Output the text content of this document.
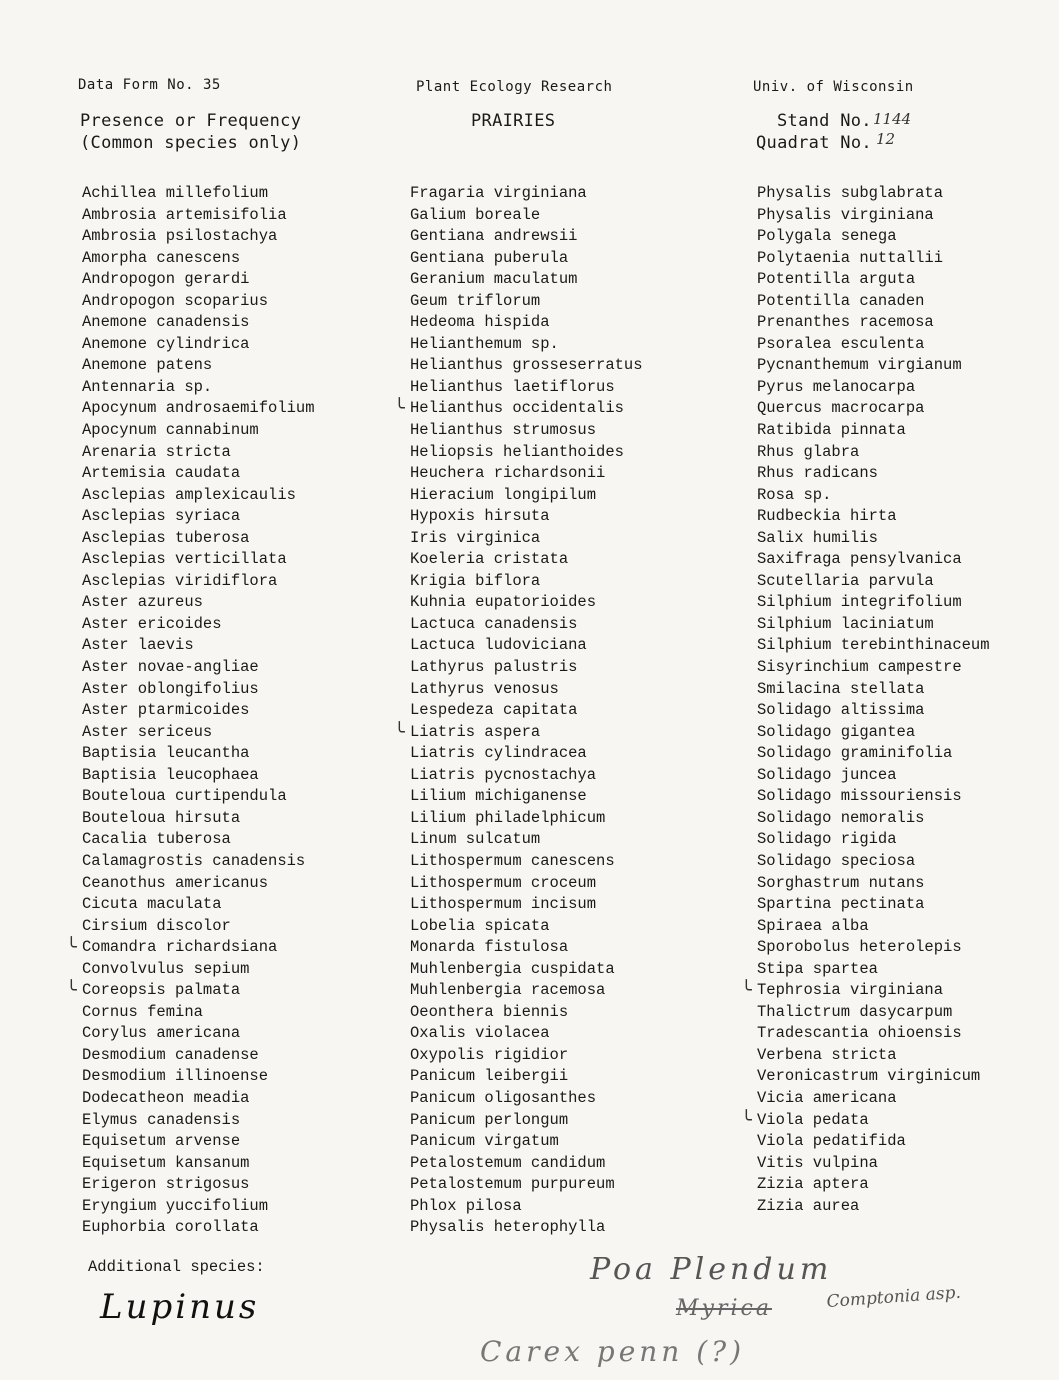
Data Form No. 35	Plant Ecology Research	Univ. of Wisconsin
Presence or Frequency
(Common species only)
PRAIRIES	Stand No. 1144
Quadrat No. 12
Achillea millefolium
Ambrosia artemisifolia
Ambrosia psilostachya
Amorpha canescens
Andropogon gerardi
Andropogon scoparius
Anemone canadensis
Anemone cylindrica
Anemone patens
Antennaria sp.
Apocynum androsaemifolium
Apocynum cannabinum
Arenaria stricta
Artemisia caudata
Asclepias amplexicaulis
Asclepias syriaca
Asclepias tuberosa
Asclepias verticillata
Asclepias viridiflora
Aster azureus
Aster ericoides
Aster laevis
Aster novae-angliae
Aster oblongifolius
Aster ptarmicoides
Aster sericeus
Baptisia leucantha
Baptisia leucophaea
Bouteloua curtipendula
Bouteloua hirsuta
Cacalia tuberosa
Calamagrostis canadensis
Ceanothus americanus
Cicuta maculata
Cirsium discolor
╰ Comandra richardsiana
Convolvulus sepium
╰ Coreopsis palmata
Cornus femina
Corylus americana
Desmodium canadense
Desmodium illinoense
Dodecatheon meadia
Elymus canadensis
Equisetum arvense
Equisetum kansanum
Erigeron strigosus
Eryngium yuccifolium
Euphorbia corollata
Fragaria virginiana
Galium boreale
Gentiana andrewsii
Gentiana puberula
Geranium maculatum
Geum triflorum
Hedeoma hispida
Helianthemum sp.
Helianthus grosseserratus
Helianthus laetiflorus
╰ Helianthus occidentalis
Helianthus strumosus
Heliopsis helianthoides
Heuchera richardsonii
Hieracium longipilum
Hypoxis hirsuta
Iris virginica
Koeleria cristata
Krigia biflora
Kuhnia eupatorioides
Lactuca canadensis
Lactuca ludoviciana
Lathyrus palustris
Lathyrus venosus
Lespedeza capitata
╰ Liatris aspera
Liatris cylindracea
Liatris pycnostachya
Lilium michiganense
Lilium philadelphicum
Linum sulcatum
Lithospermum canescens
Lithospermum croceum
Lithospermum incisum
Lobelia spicata
Monarda fistulosa
Muhlenbergia cuspidata
Muhlenbergia racemosa
Oeonthera biennis
Oxalis violacea
Oxypolis rigidior
Panicum leibergii
Panicum oligosanthes
Panicum perlongum
Panicum virgatum
Petalostemum candidum
Petalostemum purpureum
Phlox pilosa
Physalis heterophylla
Physalis subglabrata
Physalis virginiana
Polygala senega
Polytaenia nuttallii
Potentilla arguta
Potentilla canaden
Prenanthes racemosa
Psoralea esculenta
Pycnanthemum virgianum
Pyrus melanocarpa
Quercus macrocarpa
Ratibida pinnata
Rhus glabra
Rhus radicans
Rosa sp.
Rudbeckia hirta
Salix humilis
Saxifraga pensylvanica
Scutellaria parvula
Silphium integrifolium
Silphium laciniatum
Silphium terebinthinaceum
Sisyrinchium campestre
Smilacina stellata
Solidago altissima
Solidago gigantea
Solidago graminifolia
Solidago juncea
Solidago missouriensis
Solidago nemoralis
Solidago rigida
Solidago speciosa
Sorghastrum nutans
Spartina pectinata
Spiraea alba
Sporobolus heterolepis
Stipa spartea
╰ Tephrosia virginiana
Thalictrum dasycarpum
Tradescantia ohioensis
Verbena stricta
Veronicastrum virginicum
Vicia americana
╰ Viola pedata
Viola pedatifida
Vitis vulpina
Zizia aptera
Zizia aurea
Additional species:
Lupinus
Poa Plendum
Myrica	Comptonia asp.
Carex penn (?)
